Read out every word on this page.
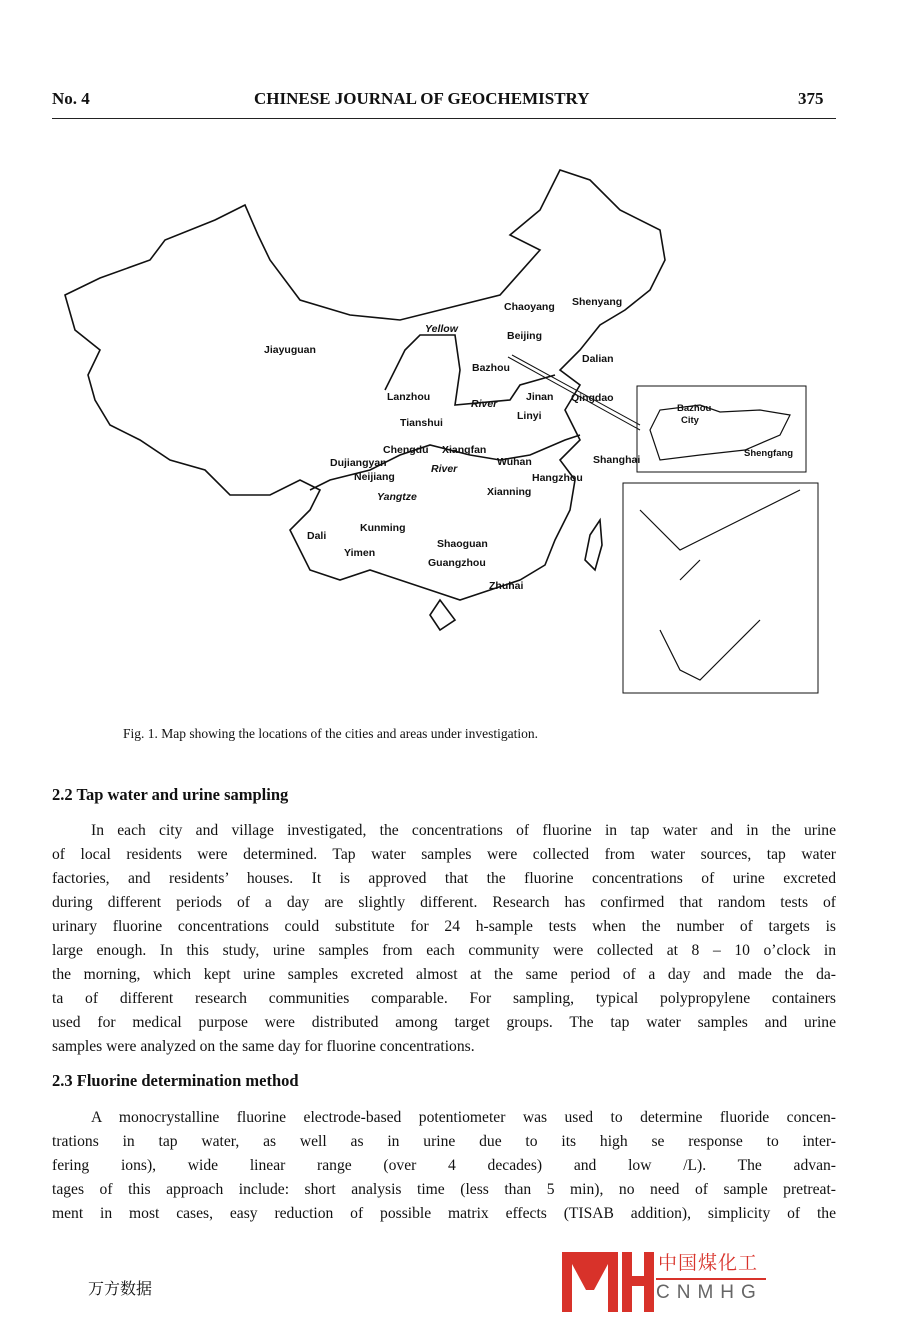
No. 4	CHINESE JOURNAL OF GEOCHEMISTRY	375
Chaoyang Shenyang
Beijing
Jiayuguan
Bazhou
Dalian
Lanzhou	Qingdao
Jinan
Linyi
Tianshui
Chengdu Xiangfan
Wuhan	Shanghai
Dujiangyan
Neijiang	Hangzhou
Xianning
Kunming
Dali
Shaoguan
Yimen
Guangzhou
Zhuhai
Yellow
River
River
Yangtze
Bazhou
City
Shengfang
Fig. 1. Map showing the locations of the cities and areas under investigation.
2.2 Tap water and urine sampling
In each city and village investigated, the concentrations of fluorine in tap water and in the urine
of local residents were determined. Tap water samples were collected from water sources, tap water
factories, and residents’ houses. It is approved that the fluorine concentrations of urine excreted
during different periods of a day are slightly different. Research has confirmed that random tests of
urinary fluorine concentrations could substitute for 24 h-sample tests when the number of targets is
large enough. In this study, urine samples from each community were collected at 8 – 10 o’clock in
the morning, which kept urine samples excreted almost at the same period of a day and made the da-
ta of different research communities comparable. For sampling, typical polypropylene containers
used for medical purpose were distributed among target groups. The tap water samples and urine
samples were analyzed on the same day for fluorine concentrations.
2.3 Fluorine determination method
A monocrystalline fluorine electrode-based potentiometer was used to determine fluoride concen-
trations in tap water, as well as in urine due to its high se response to inter-
fering ions), wide linear range (over 4 decades) and low /L). The advan-
tages of this approach include: short analysis time (less than 5 min), no need of sample pretreat-
ment in most cases, easy reduction of possible matrix effects (TISAB addition), simplicity of the
中国煤化工
CNMHG
万方数据
